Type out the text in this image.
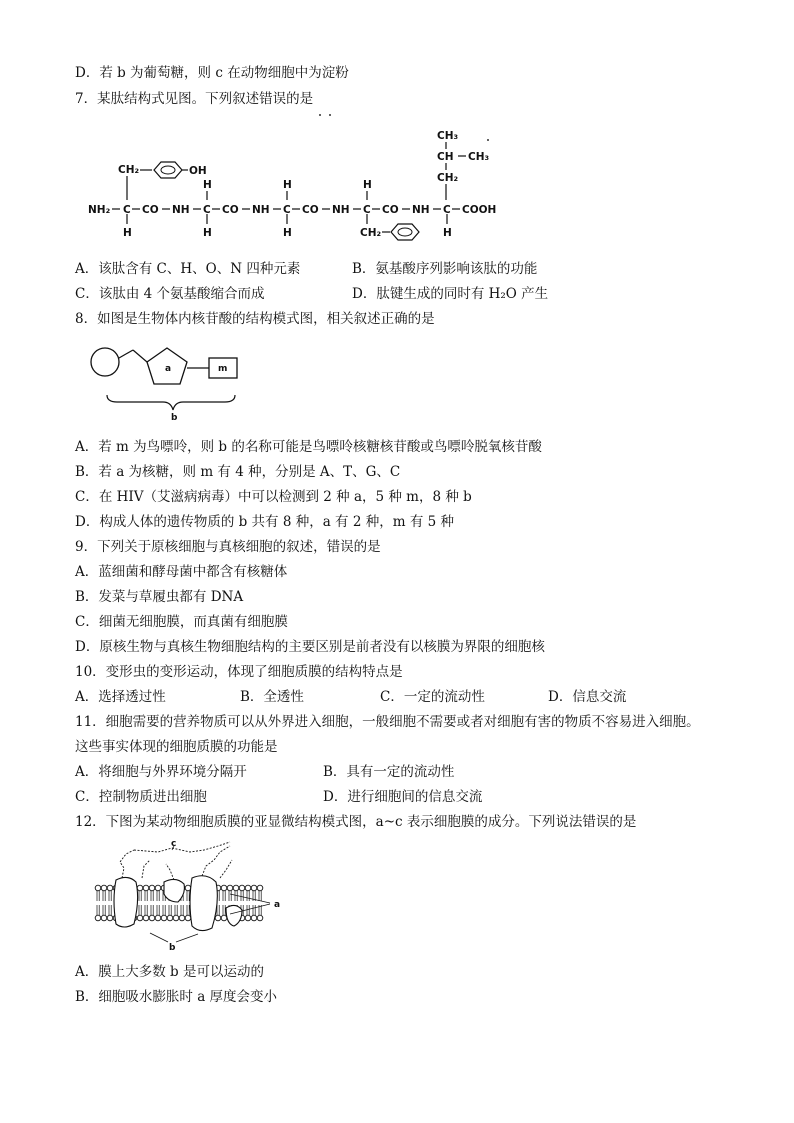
D．若 b 为葡萄糖，则 c 在动物细胞中为淀粉
7．某肽结构式见图。下列叙述错误的是
NH₂ C CO NH C CO NH C CO NH C CO NH C COOH
CH₂	OH
H
H
H
H
H
H
CH₂
CH₃
CH CH₃
CH₂
H
A．该肽含有 C、H、O、N 四种元素	B．氨基酸序列影响该肽的功能
C．该肽由 4 个氨基酸缩合而成	D．肽键生成的同时有 H₂O 产生
8．如图是生物体内核苷酸的结构模式图，相关叙述正确的是
a	m
b
A．若 m 为鸟嘌呤，则 b 的名称可能是鸟嘌呤核糖核苷酸或鸟嘌呤脱氧核苷酸
B．若 a 为核糖，则 m 有 4 种，分别是 A、T、G、C
C．在 HIV（艾滋病病毒）中可以检测到 2 种 a，5 种 m，8 种 b
D．构成人体的遗传物质的 b 共有 8 种，a 有 2 种，m 有 5 种
9．下列关于原核细胞与真核细胞的叙述，错误的是
A．蓝细菌和酵母菌中都含有核糖体
B．发菜与草履虫都有 DNA
C．细菌无细胞膜，而真菌有细胞膜
D．原核生物与真核生物细胞结构的主要区别是前者没有以核膜为界限的细胞核
10．变形虫的变形运动，体现了细胞质膜的结构特点是
A．选择透过性	B．全透性	C．一定的流动性	D．信息交流
11．细胞需要的营养物质可以从外界进入细胞，一般细胞不需要或者对细胞有害的物质不容易进入细胞。
这些事实体现的细胞质膜的功能是
A．将细胞与外界环境分隔开	B．具有一定的流动性
C．控制物质进出细胞	D．进行细胞间的信息交流
12．下图为某动物细胞质膜的亚显微结构模式图，a~c 表示细胞膜的成分。下列说法错误的是
a
b
c
A．膜上大多数 b 是可以运动的
B．细胞吸水膨胀时 a 厚度会变小
